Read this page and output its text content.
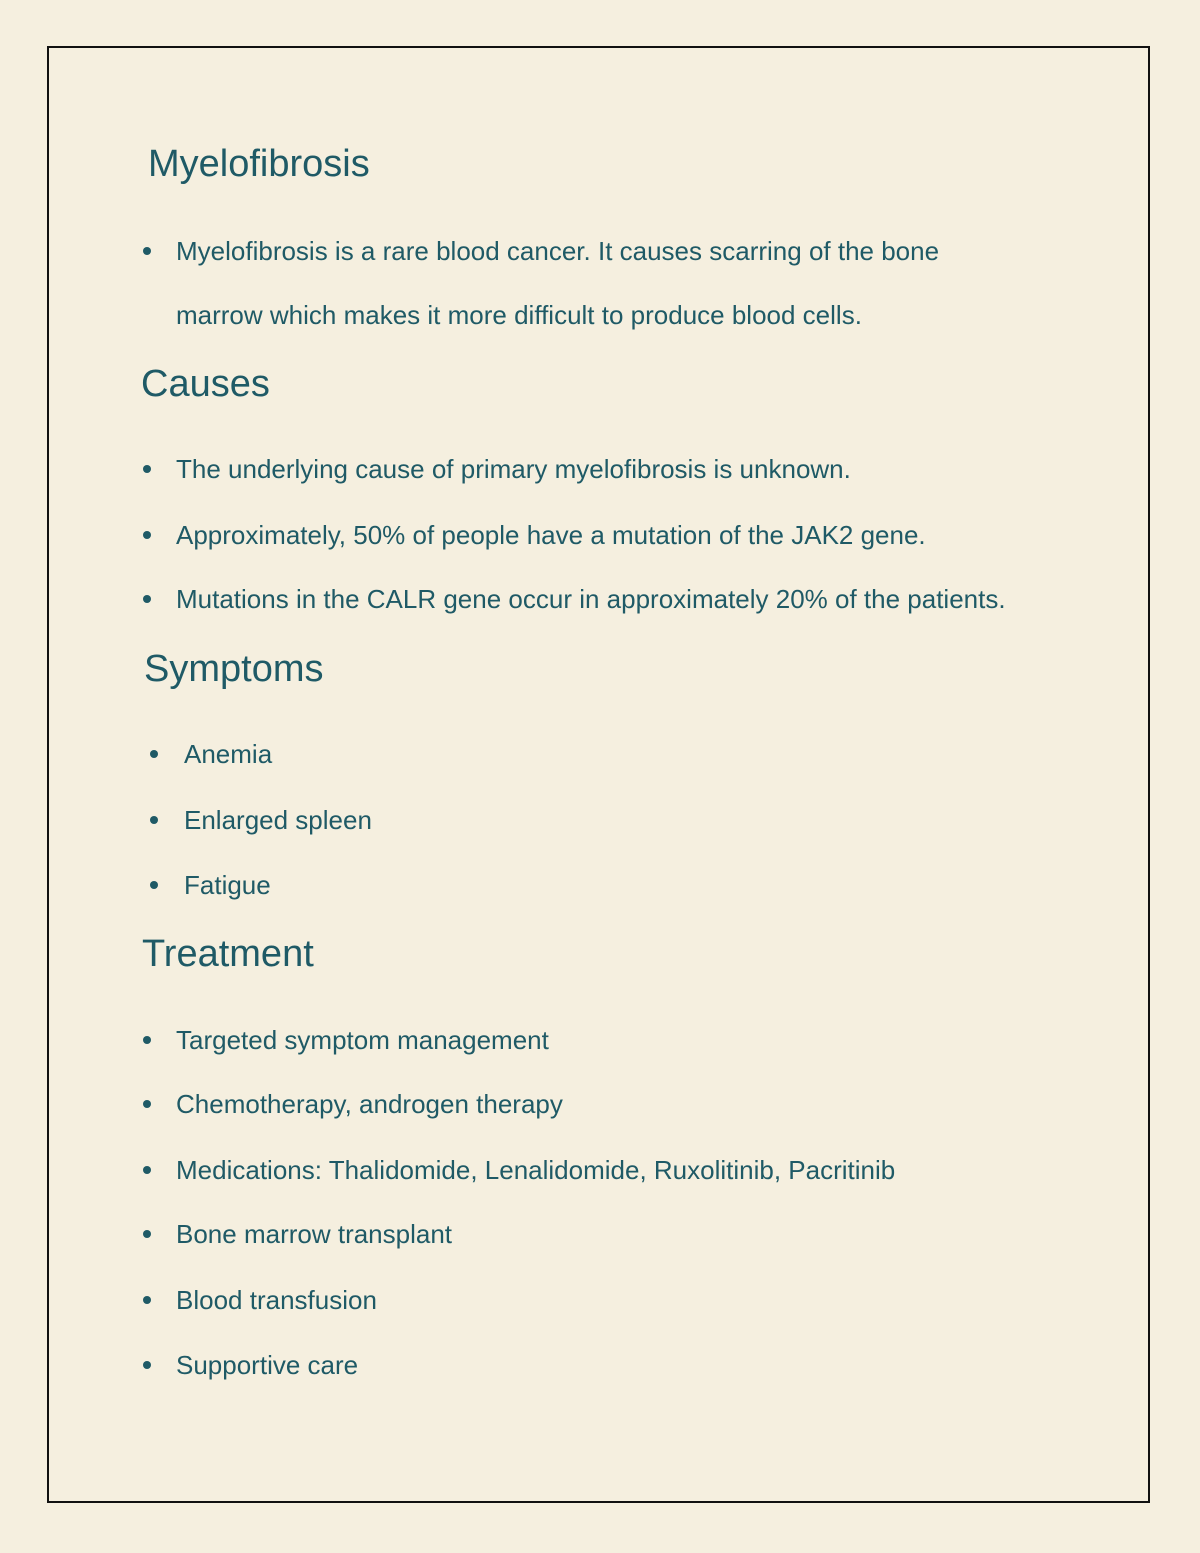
Myelofibrosis
Myelofibrosis is a rare blood cancer. It causes scarring of the bone
marrow which makes it more difficult to produce blood cells.
Causes
The underlying cause of primary myelofibrosis is unknown.
Approximately, 50% of people have a mutation of the JAK2 gene.
Mutations in the CALR gene occur in approximately 20% of the patients.
Symptoms
Anemia
Enlarged spleen
Fatigue
Treatment
Targeted symptom management
Chemotherapy, androgen therapy
Medications: Thalidomide, Lenalidomide, Ruxolitinib, Pacritinib
Bone marrow transplant
Blood transfusion
Supportive care
